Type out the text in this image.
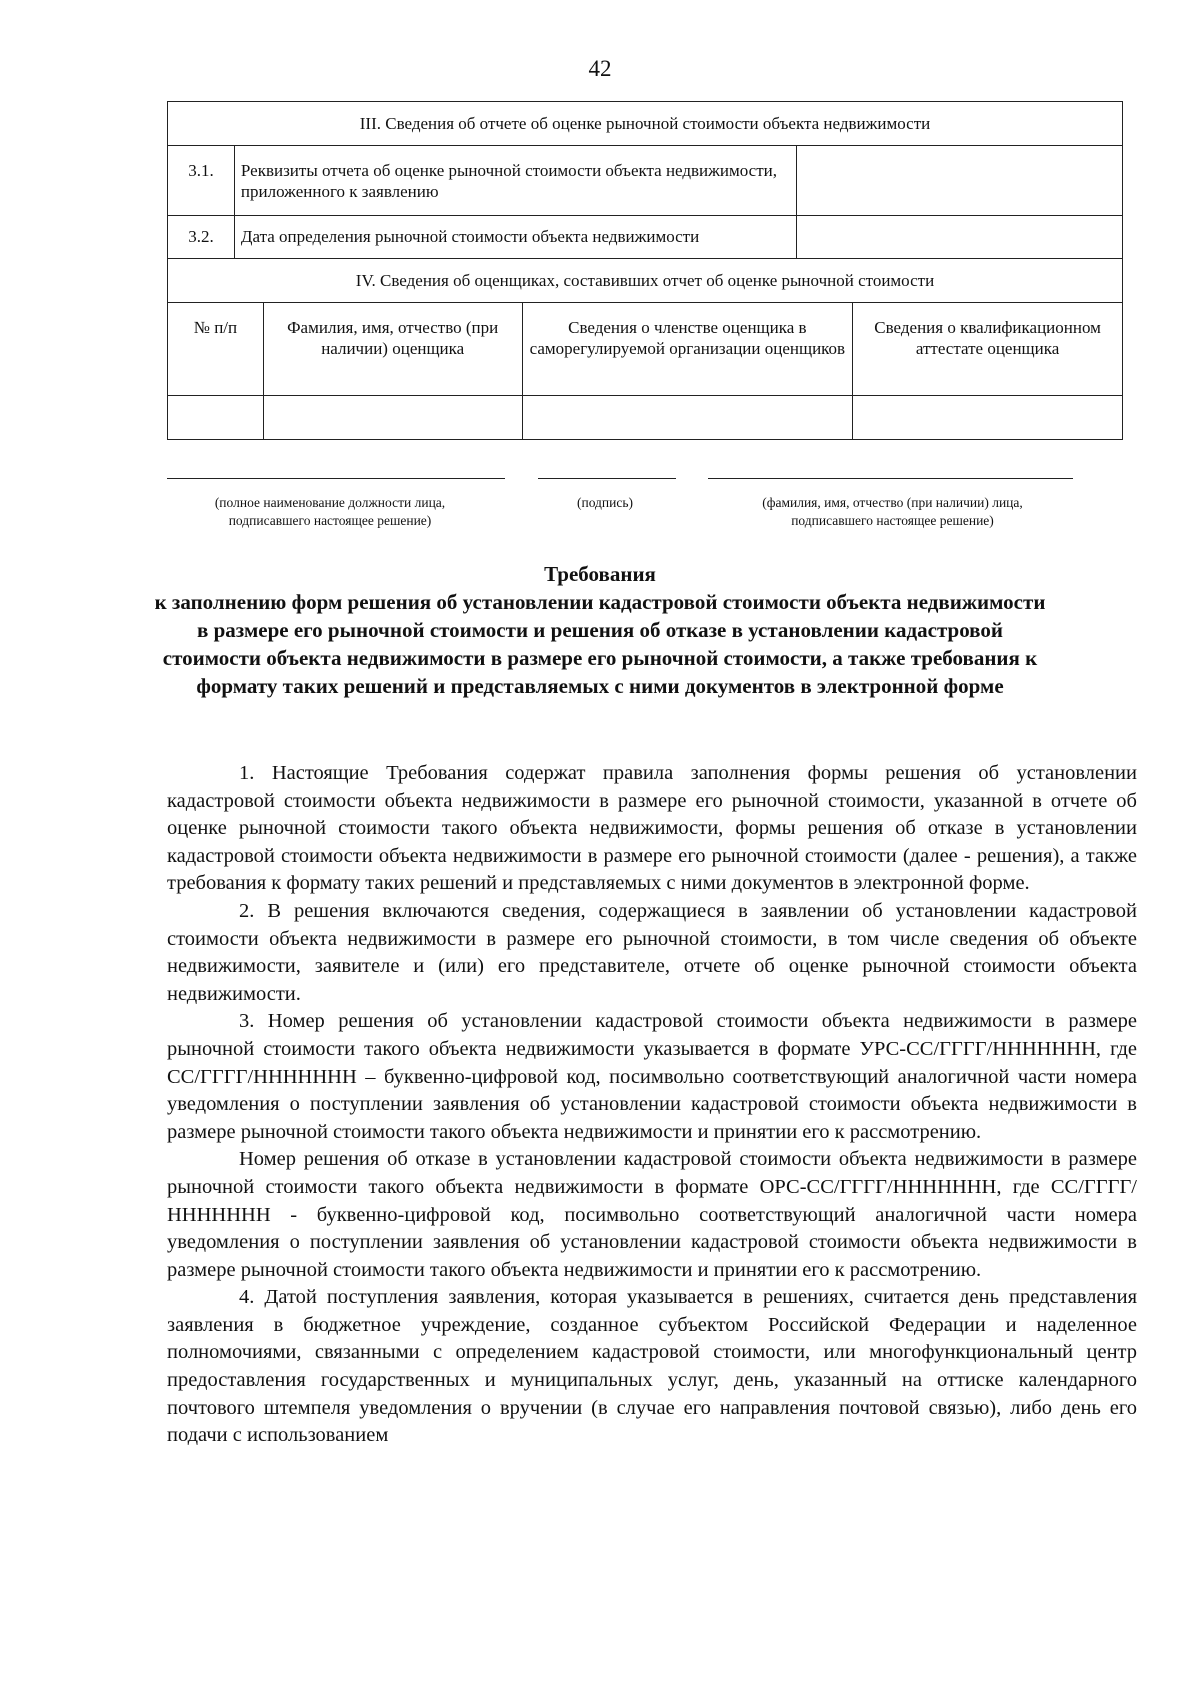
42
III. Сведения об отчете об оценке рыночной стоимости объекта недвижимости					
3.1.	Реквизиты отчета об оценке рыночной стоимости объекта недвижимости, приложенного к заявлению				
3.2.	Дата определения рыночной стоимости объекта недвижимости				
IV. Сведения об оценщиках, составивших отчет об оценке рыночной стоимости					
№ п/п		Фамилия, имя, отчество (при наличии) оценщика	Сведения о членстве оценщика в саморегулируемой организации оценщиков		Сведения о квалификационном аттестате оценщика

(полное наименование должности лица, подписавшего настоящее решение)
(подпись)	(фамилия, имя, отчество (при наличии) лица, подписавшего настоящее решение)
Требования
к заполнению форм решения об установлении кадастровой стоимости объекта недвижимости в размере его рыночной стоимости и решения об отказе в установлении кадастровой стоимости объекта недвижимости в размере его рыночной стоимости, а также требования к формату таких решений и представляемых с ними документов в электронной форме

1. Настоящие Требования содержат правила заполнения формы решения об установлении кадастровой стоимости объекта недвижимости в размере его рыночной стоимости, указанной в отчете об оценке рыночной стоимости такого объекта недвижимости, формы решения об отказе в установлении кадастровой стоимости объекта недвижимости в размере его рыночной стоимости (далее - решения), а также требования к формату таких решений и представляемых с ними документов в электронной форме.

2. В решения включаются сведения, содержащиеся в заявлении об установлении кадастровой стоимости объекта недвижимости в размере его рыночной стоимости, в том числе сведения об объекте недвижимости, заявителе и (или) его представителе, отчете об оценке рыночной стоимости объекта недвижимости.

3. Номер решения об установлении кадастровой стоимости объекта недвижимости в размере рыночной стоимости такого объекта недвижимости указывается в формате УРС-СС/ГГГГ/ННННННН, где СС/ГГГГ/ННННННН – буквенно-цифровой код, посимвольно соответствующий аналогичной части номера уведомления о поступлении заявления об установлении кадастровой стоимости объекта недвижимости в размере рыночной стоимости такого объекта недвижимости и принятии его к рассмотрению.

Номер решения об отказе в установлении кадастровой стоимости объекта недвижимости в размере рыночной стоимости такого объекта недвижимости в формате ОРС-СС/ГГГГ/ННННННН, где СС/ГГГГ/ННННННН - буквенно-цифровой код, посимвольно соответствующий аналогичной части номера уведомления о поступлении заявления об установлении кадастровой стоимости объекта недвижимости в размере рыночной стоимости такого объекта недвижимости и принятии его к рассмотрению.

4. Датой поступления заявления, которая указывается в решениях, считается день представления заявления в бюджетное учреждение, созданное субъектом Российской Федерации и наделенное полномочиями, связанными с определением кадастровой стоимости, или многофункциональный центр предоставления государственных и муниципальных услуг, день, указанный на оттиске календарного почтового штемпеля уведомления о вручении (в случае его направления почтовой связью), либо день его подачи с использованием
